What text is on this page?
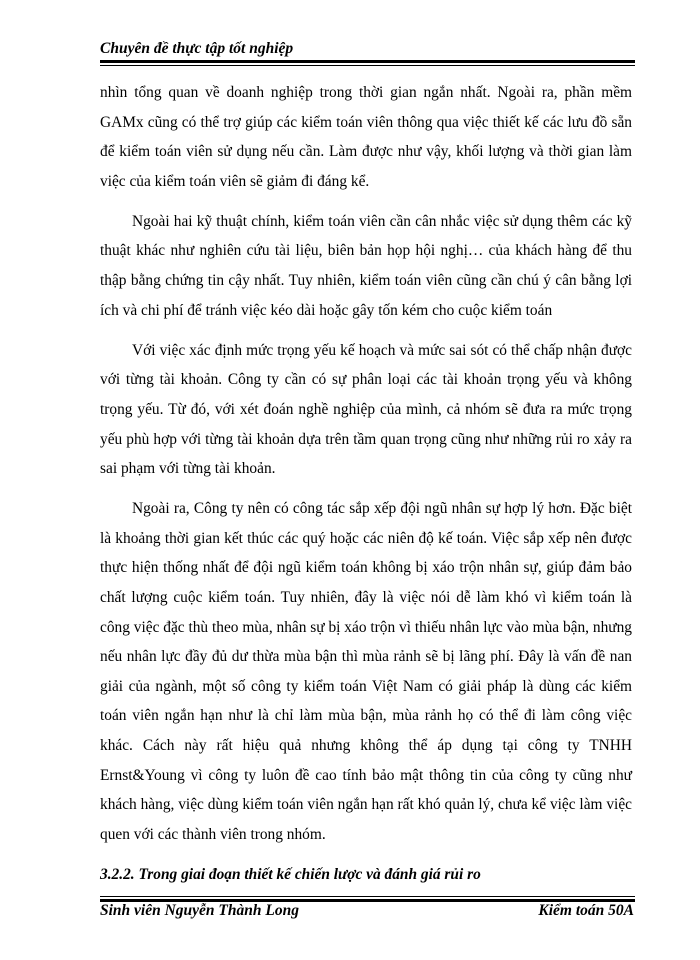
Chuyên đề thực tập tốt nghiệp

nhìn tổng quan về doanh nghiệp trong thời gian ngắn nhất. Ngoài ra, phần mềm GAMx cũng có thể trợ giúp các kiểm toán viên thông qua việc thiết kế các lưu đồ sẵn để kiểm toán viên sử dụng nếu cần. Làm được như vậy, khối lượng và thời gian làm việc của kiểm toán viên sẽ giảm đi đáng kể.

Ngoài hai kỹ thuật chính, kiểm toán viên cần cân nhắc việc sử dụng thêm các kỹ thuật khác như nghiên cứu tài liệu, biên bản họp hội nghị… của khách hàng để thu thập bằng chứng tin cậy nhất. Tuy nhiên, kiểm toán viên cũng cần chú ý cân bằng lợi ích và chi phí để tránh việc kéo dài hoặc gây tốn kém cho cuộc kiểm toán

Với việc xác định mức trọng yếu kế hoạch và mức sai sót có thể chấp nhận được với từng tài khoản. Công ty cần có sự phân loại các tài khoản trọng yếu và không trọng yếu. Từ đó, với xét đoán nghề nghiệp của mình, cả nhóm sẽ đưa ra mức trọng yếu phù hợp với từng tài khoản dựa trên tầm quan trọng cũng như những rủi ro xảy ra sai phạm với từng tài khoản.

Ngoài ra, Công ty nên có công tác sắp xếp đội ngũ nhân sự hợp lý hơn. Đặc biệt là khoảng thời gian kết thúc các quý hoặc các niên độ kế toán. Việc sắp xếp nên được thực hiện thống nhất để đội ngũ kiểm toán không bị xáo trộn nhân sự, giúp đảm bảo chất lượng cuộc kiểm toán. Tuy nhiên, đây là việc nói dễ làm khó vì kiểm toán là công việc đặc thù theo mùa, nhân sự bị xáo trộn vì thiếu nhân lực vào mùa bận, nhưng nếu nhân lực đầy đủ dư thừa mùa bận thì mùa rảnh sẽ bị lãng phí. Đây là vấn đề nan giải của ngành, một số công ty kiểm toán Việt Nam có giải pháp là dùng các kiểm toán viên ngắn hạn như là chỉ làm mùa bận, mùa rảnh họ có thể đi làm công việc khác. Cách này rất hiệu quả nhưng không thể áp dụng tại công ty TNHH Ernst&Young vì công ty luôn đề cao tính bảo mật thông tin của công ty cũng như khách hàng, việc dùng kiểm toán viên ngắn hạn rất khó quản lý, chưa kể việc làm việc quen với các thành viên trong nhóm.

3.2.2. Trong giai đoạn thiết kế chiến lược và đánh giá rủi ro
Sinh viên Nguyễn Thành Long	Kiểm toán 50A
